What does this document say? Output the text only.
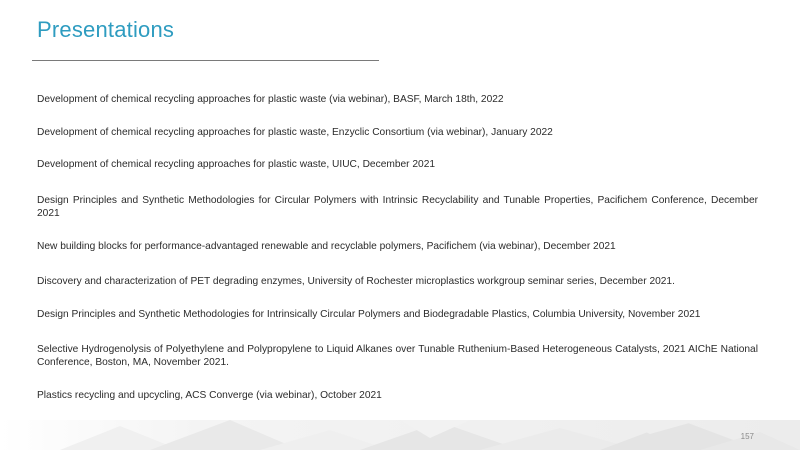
Presentations
Development of chemical recycling approaches for plastic waste (via webinar), BASF, March 18th, 2022
Development of chemical recycling approaches for plastic waste, Enzyclic Consortium (via webinar), January 2022
Development of chemical recycling approaches for plastic waste, UIUC, December 2021
Design Principles and Synthetic Methodologies for Circular Polymers with Intrinsic Recyclability and Tunable Properties, Pacifichem Conference, December 2021
New building blocks for performance-advantaged renewable and recyclable polymers, Pacifichem (via webinar), December 2021
Discovery and characterization of PET degrading enzymes, University of Rochester microplastics workgroup seminar series, December 2021.
Design Principles and Synthetic Methodologies for Intrinsically Circular Polymers and Biodegradable Plastics, Columbia University, November 2021
Selective Hydrogenolysis of Polyethylene and Polypropylene to Liquid Alkanes over Tunable Ruthenium-Based Heterogeneous Catalysts, 2021 AIChE National Conference, Boston, MA, November 2021.
Plastics recycling and upcycling, ACS Converge (via webinar), October 2021
157
